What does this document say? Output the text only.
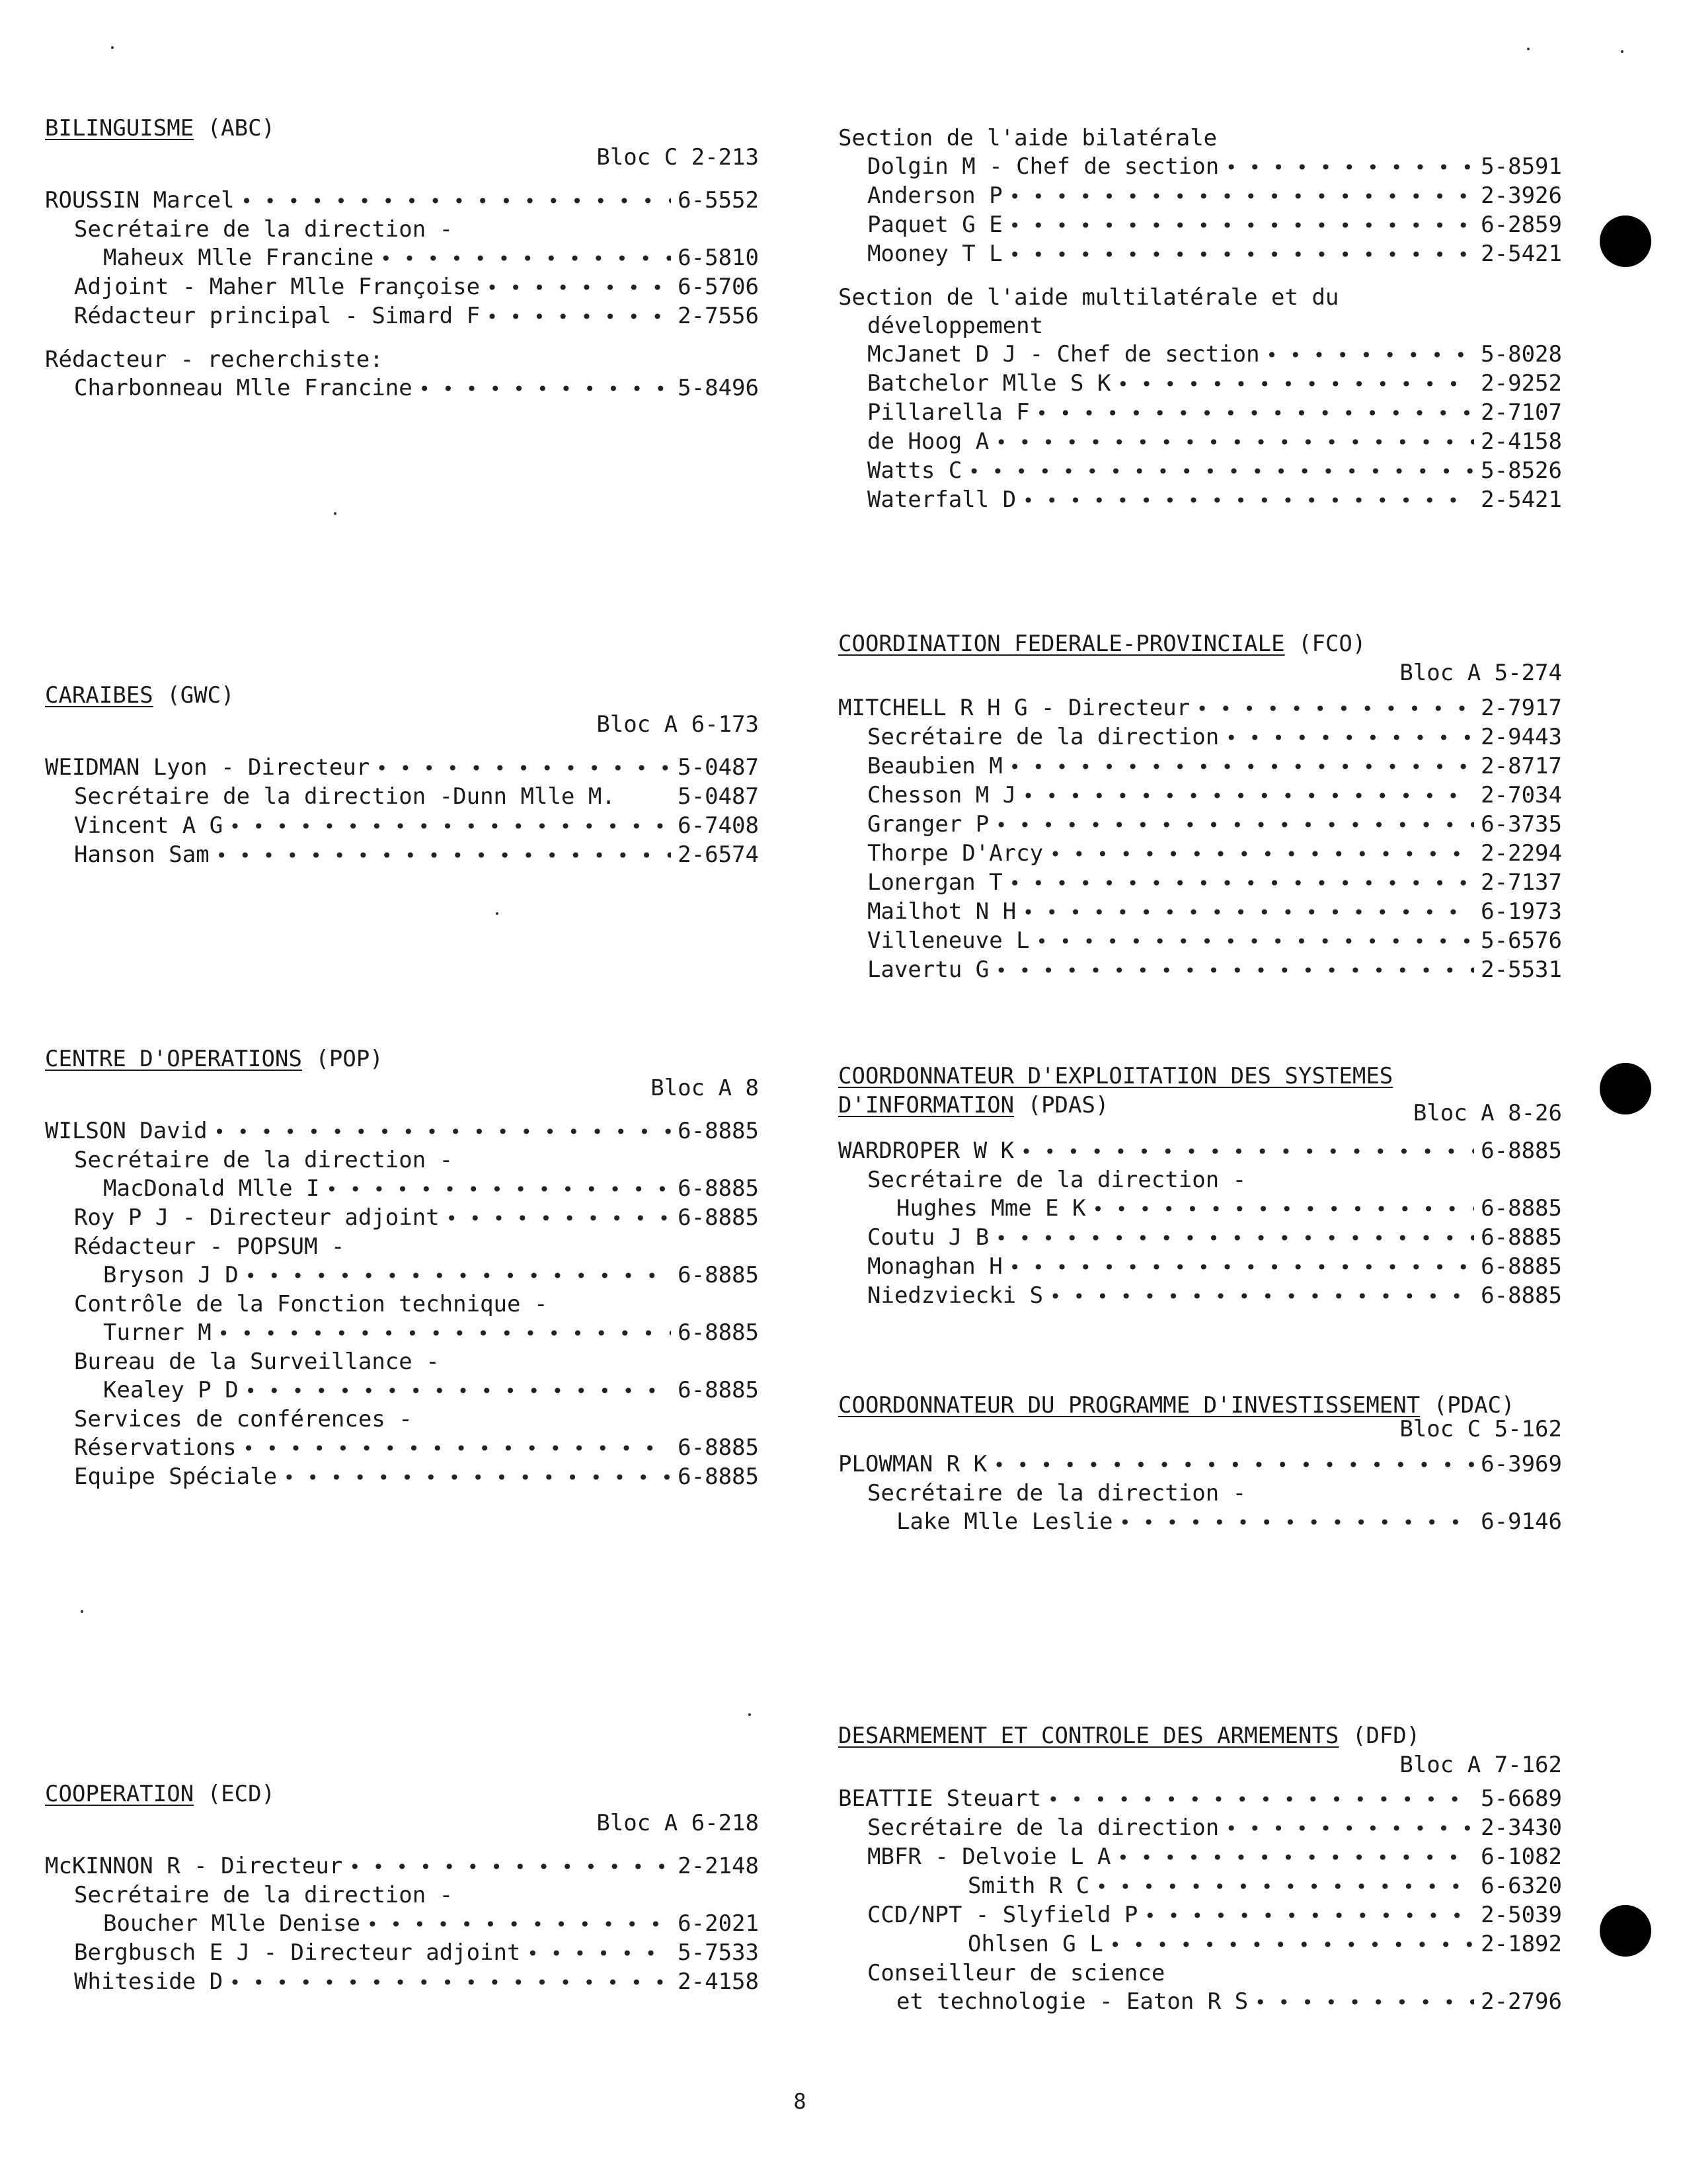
BILINGUISME (ABC)
Bloc C 2-213
ROUSSIN Marcel • • •	6-5552
Secrétaire de la direction -
Maheux Mlle Francine • • •	6-5810
Adjoint - Maher Mlle Françoise • • •	6-5706
Rédacteur principal - Simard F • • •	2-7556
Rédacteur - recherchiste:
Charbonneau Mlle Francine • • •	5-8496
CARAIBES (GWC)
Bloc A 6-173
WEIDMAN Lyon - Directeur • • •	5-0487
Secrétaire de la direction -Dunn Mlle M.	5-0487
Vincent A G • • •	6-7408
Hanson Sam • • •	2-6574
CENTRE D'OPERATIONS (POP)
Bloc A 8
WILSON David • • •	6-8885
Secrétaire de la direction -
MacDonald Mlle I • • •	6-8885
Roy P J - Directeur adjoint • • •	6-8885
Rédacteur - POPSUM -
Bryson J D • • •	6-8885
Contrôle de la Fonction technique -
Turner M • • •	6-8885
Bureau de la Surveillance -
Kealey P D • • •	6-8885
Services de conférences -
Réservations • • •	6-8885
Equipe Spéciale • • •	6-8885
COOPERATION (ECD)
Bloc A 6-218
McKINNON R - Directeur • • •	2-2148
Secrétaire de la direction -
Boucher Mlle Denise • • •	6-2021
Bergbusch E J - Directeur adjoint • • •	5-7533
Whiteside D • • •	2-4158
Section de l'aide bilatérale
Dolgin M - Chef de section • • •	5-8591
Anderson P • • •	2-3926
Paquet G E • • •	6-2859
Mooney T L • • •	2-5421
Section de l'aide multilatérale et du
développement
McJanet D J - Chef de section • • •	5-8028
Batchelor Mlle S K • • •	2-9252
Pillarella F • • •	2-7107
de Hoog A • • •	2-4158
Watts C • • •	5-8526
Waterfall D • • •	2-5421
COORDINATION FEDERALE-PROVINCIALE (FCO)
Bloc A 5-274
MITCHELL R H G - Directeur • • •	2-7917
Secrétaire de la direction • • •	2-9443
Beaubien M • • •	2-8717
Chesson M J • • •	2-7034
Granger P • • •	6-3735
Thorpe D'Arcy • • •	2-2294
Lonergan T • • •	2-7137
Mailhot N H • • •	6-1973
Villeneuve L • • •	5-6576
Lavertu G • • •	2-5531
COORDONNATEUR D'EXPLOITATION DES SYSTEMES
D'INFORMATION (PDAS)	Bloc A 8-26
WARDROPER W K • • •	6-8885
Secrétaire de la direction -
Hughes Mme E K • • •	6-8885
Coutu J B • • •	6-8885
Monaghan H • • •	6-8885
Niedzviecki S • • •	6-8885
COORDONNATEUR DU PROGRAMME D'INVESTISSEMENT (PDAC)
Bloc C 5-162
PLOWMAN R K • • •	6-3969
Secrétaire de la direction -
Lake Mlle Leslie • • •	6-9146
DESARMEMENT ET CONTROLE DES ARMEMENTS (DFD)
Bloc A 7-162
BEATTIE Steuart • • •	5-6689
Secrétaire de la direction • • •	2-3430
MBFR - Delvoie L A • • •	6-1082
Smith R C • • •	6-6320
CCD/NPT - Slyfield P • • •	2-5039
Ohlsen G L • • •	2-1892
Conseilleur de science
et technologie - Eaton R S • • •	2-2796
8
